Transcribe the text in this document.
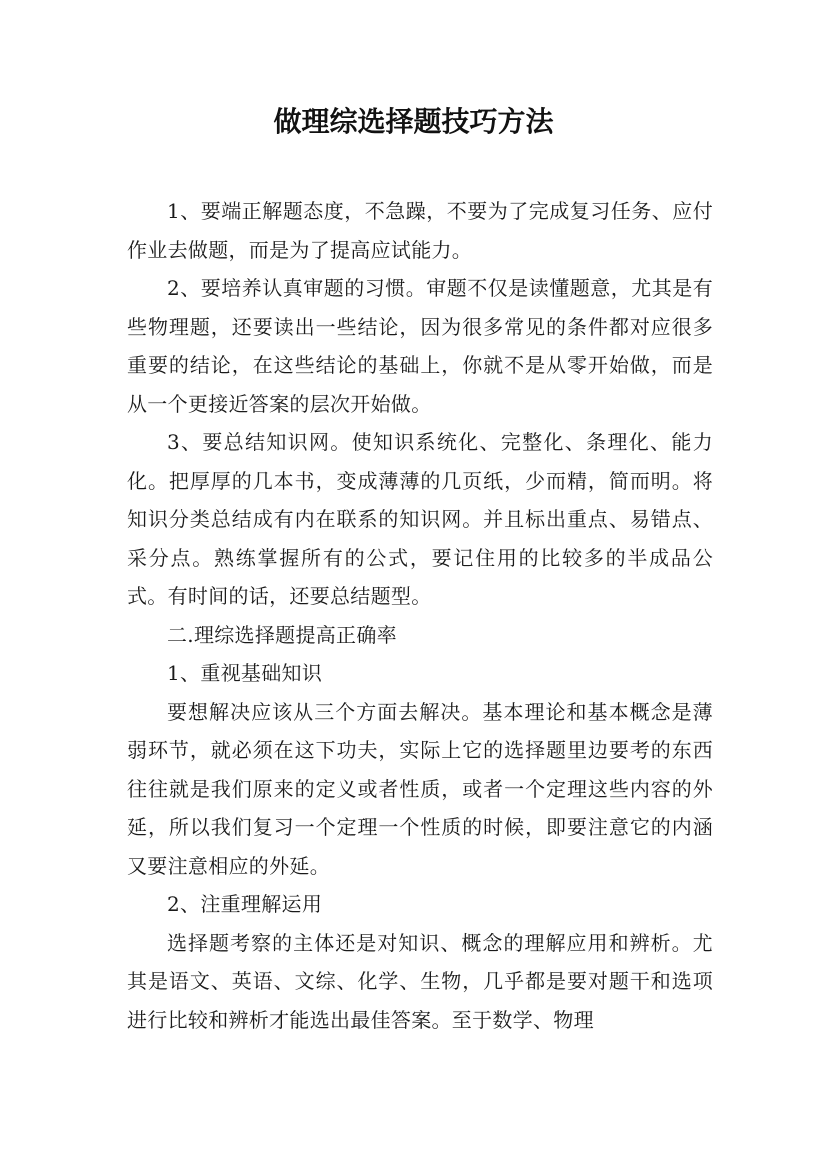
做理综选择题技巧方法

1、要端正解题态度，不急躁，不要为了完成复习任务、应付作业去做题，而是为了提高应试能力。

2、要培养认真审题的习惯。审题不仅是读懂题意，尤其是有些物理题，还要读出一些结论，因为很多常见的条件都对应很多重要的结论，在这些结论的基础上，你就不是从零开始做，而是从一个更接近答案的层次开始做。

3、要总结知识网。使知识系统化、完整化、条理化、能力化。把厚厚的几本书，变成薄薄的几页纸，少而精，简而明。将知识分类总结成有内在联系的知识网。并且标出重点、易错点、采分点。熟练掌握所有的公式，要记住用的比较多的半成品公式。有时间的话，还要总结题型。

二.理综选择题提高正确率

1、重视基础知识

要想解决应该从三个方面去解决。基本理论和基本概念是薄弱环节，就必须在这下功夫，实际上它的选择题里边要考的东西往往就是我们原来的定义或者性质，或者一个定理这些内容的外延，所以我们复习一个定理一个性质的时候，即要注意它的内涵又要注意相应的外延。

2、注重理解运用

选择题考察的主体还是对知识、概念的理解应用和辨析。尤其是语文、英语、文综、化学、生物，几乎都是要对题干和选项进行比较和辨析才能选出最佳答案。至于数学、物理
